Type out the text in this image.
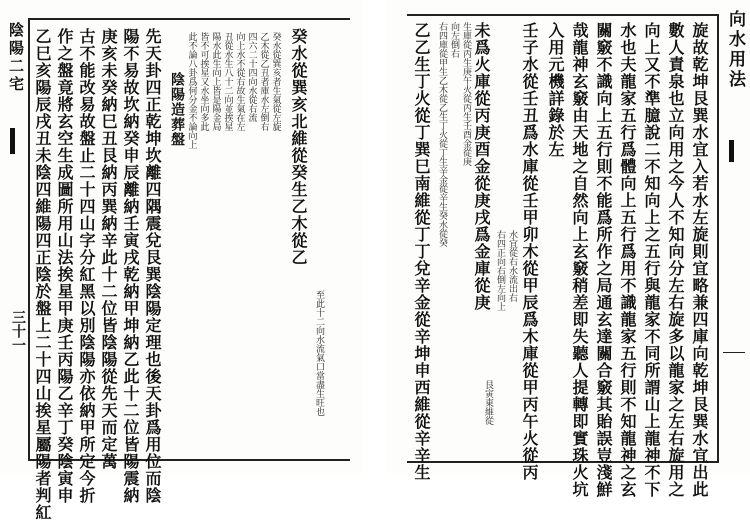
陰陽二宅
三十一 乙巳亥陽辰戌丑未陰四維陽四正陰於盤上二十四山挨星屬陽者判紅 作之盤竟將玄空生成圖所用山法挨星甲庚壬丙陽乙辛丁癸陰寅申 古不能改易故盤止二十四山字分紅黑以別陰陽亦依納甲所定今折 庚亥未癸納巳丑艮納丙巽納辛此十二位皆陰陽從先天而定萬 陽不易故坎納癸申辰離納壬寅戌乾納甲坤納乙此十二位皆陽震納 先天卦四正乾坤坎離四隅震兌艮巽陰陽定理也後天卦爲用位而陰 陰陽造葬盤 此不論八卦爲何分金不論向上 皆不可挨星又水坐向多此 陽水此生向上皆是陽金局 丑從水生八十二向並挨星 向上水不從右故生氣在左 四六二十四向水從右流 乙木從乙丑者庫水左倒右 癸水從巽亥者生氣從左旋 癸水從巽亥北維從癸生乙木從乙
至此十二向水流氣口當盡生旺也
向水用法
乙乙生丁火從丁巽巳南維從丁丁兌辛金從辛坤申西維從辛辛生 右四庫從甲生乙木從乙生丁火從丁生辛金從辛生癸水從癸 向左倒右 生庫從丙生庚午火從丙生壬酉金從庚 未爲火庫從丙庚酉金從庚戌爲金庫從庚 右四正向右倒左向上 水宜從右水流出右 壬子水從壬丑爲水庫從壬甲卯木從甲辰爲木庫從甲丙午火從丙 入用元機詳錄於左 哉龍神玄竅由天地之自然向上玄竅稍差即失聽人提轉即實珠火坑 關竅不識向上五行則不能爲所作之局通玄達關合竅其貽誤豈淺鮮 水也夫龍家五行爲體向上五行爲用不識龍家五行則不知龍神之玄 向上又不準臆說二不知向上之五行與龍家不同所謂山上龍神不下 數人責泉也立向用之今人不知向分左右旋多以龍家之左右旋用之 旋故乾坤艮巽水宜入若水左旋則宜略兼四庫向乾坤艮巽水宜出此
艮寅東維從
